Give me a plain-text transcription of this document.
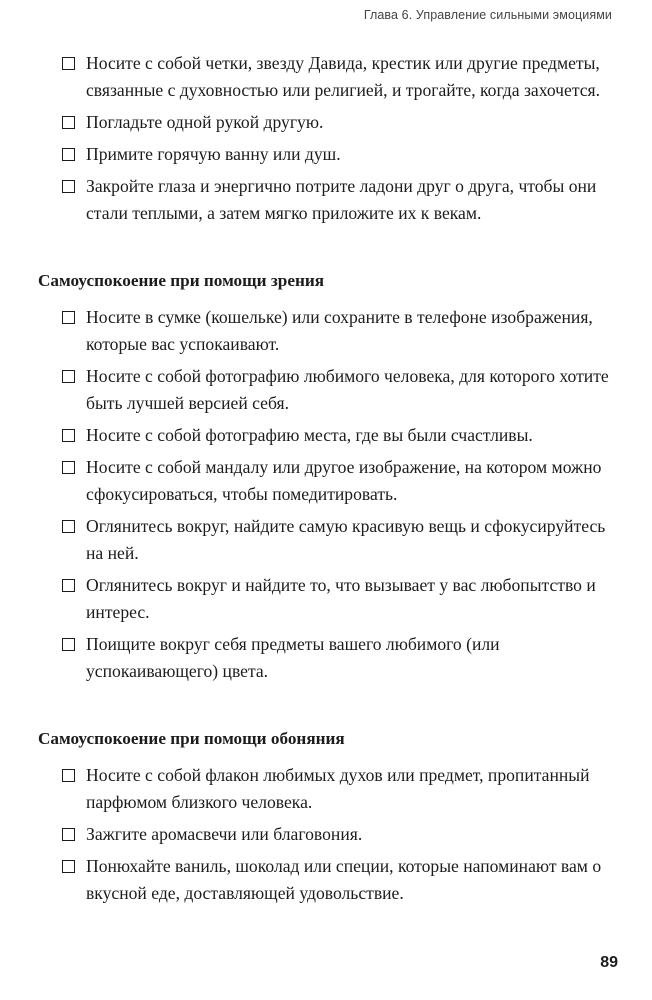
Глава 6. Управление сильными эмоциями
Носите с собой четки, звезду Давида, крестик или другие предметы, связанные с духовностью или религией, и трогайте, когда захочется.
Погладьте одной рукой другую.
Примите горячую ванну или душ.
Закройте глаза и энергично потрите ладони друг о друга, чтобы они стали теплыми, а затем мягко приложите их к векам.
Самоуспокоение при помощи зрения
Носите в сумке (кошельке) или сохраните в телефоне изображения, которые вас успокаивают.
Носите с собой фотографию любимого человека, для которого хотите быть лучшей версией себя.
Носите с собой фотографию места, где вы были счастливы.
Носите с собой мандалу или другое изображение, на котором можно сфокусироваться, чтобы помедитировать.
Оглянитесь вокруг, найдите самую красивую вещь и сфокусируйтесь на ней.
Оглянитесь вокруг и найдите то, что вызывает у вас любопытство и интерес.
Поищите вокруг себя предметы вашего любимого (или успокаивающего) цвета.
Самоуспокоение при помощи обоняния
Носите с собой флакон любимых духов или предмет, пропитанный парфюмом близкого человека.
Зажгите аромасвечи или благовония.
Понюхайте ваниль, шоколад или специи, которые напоминают вам о вкусной еде, доставляющей удовольствие.
89
